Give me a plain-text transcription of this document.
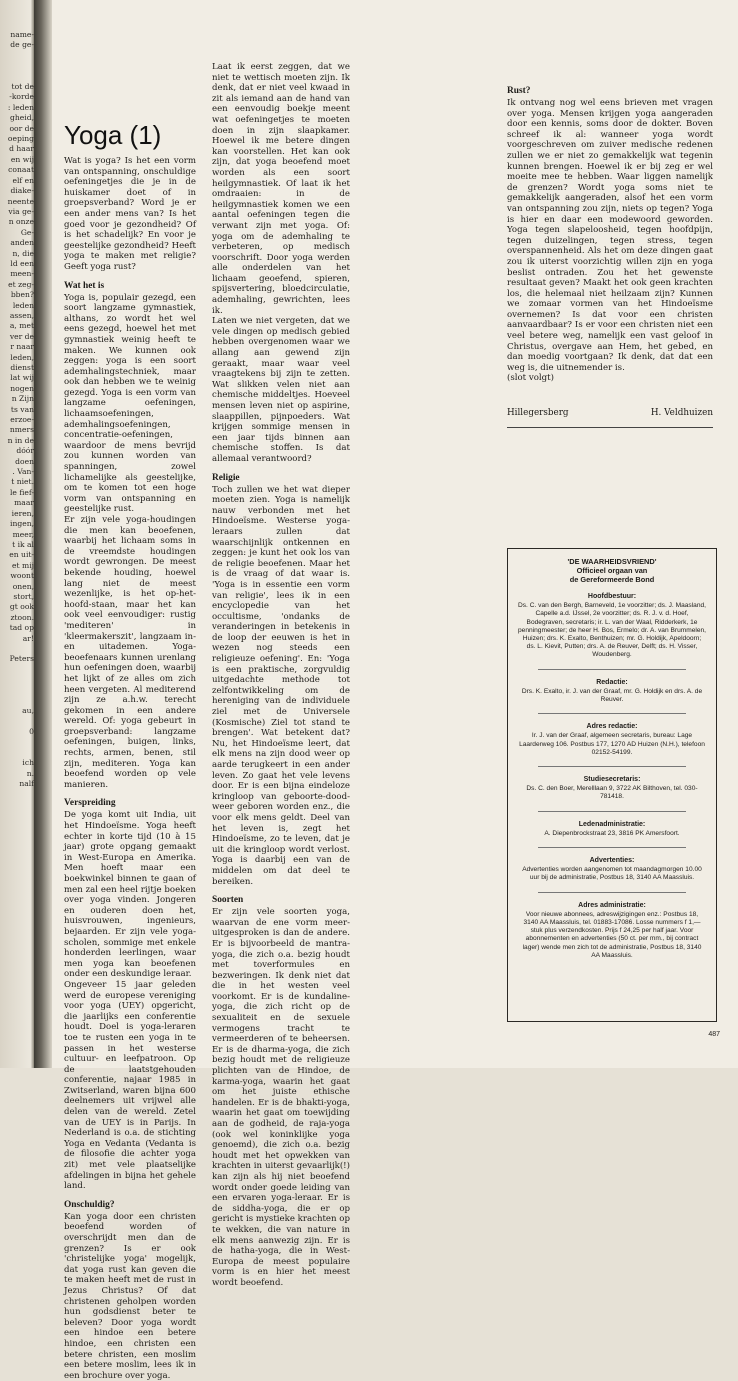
name-
de ge-

tot de
-korde
: leden
gheid,
oor de
oeping
d haar
en wij
conaat
elf en
diake-
neente
via ge-
n onze
Ge-
anden
n, die
ld een
meen-
et zeg-
bben?
leden
assen,
a, met
ver de
r naar
leden,
dienst
lat wij
nogen
n Zijn
ts van
erzoe-
nmers
n in de
dóór
doen
. Van-
t niet.
le fief-
maar
ieren,
ingen,
meer,
t ik al
en uit-
et mij
woont
onen,
stort,
gt ook
ztoon.
tad op
ar!

Peters

au,

0

ich
n.
nalf
Yoga (1)

Wat is yoga? Is het een vorm van ontspanning, onschuldige oefeningetjes die je in de huiskamer doet of in groepsverband? Word je er een ander mens van? Is het goed voor je gezondheid? Of is het schadelijk? En voor je geestelijke gezondheid? Heeft yoga te maken met religie? Geeft yoga rust?

Wat het is

Yoga is, populair gezegd, een soort langzame gymnastiek, althans, zo wordt het wel eens gezegd, hoewel het met gymnastiek weinig heeft te maken. We kunnen ook zeggen: yoga is een soort ademhalingstechniek, maar ook dan hebben we te weinig gezegd. Yoga is een vorm van langzame oefeningen, lichaamsoefeningen, ademhalingsoefeningen, concentratie-oefeningen, waardoor de mens bevrijd zou kunnen worden van spanningen, zowel lichamelijke als geestelijke, om te komen tot een hoge vorm van ontspanning en geestelijke rust.

Er zijn vele yoga-houdingen die men kan beoefenen, waarbij het lichaam soms in de vreemdste houdingen wordt gewrongen. De meest bekende houding, hoewel lang niet de meest wezenlijke, is het op-het-hoofd-staan, maar het kan ook veel eenvoudiger: rustig 'mediteren' in 'kleermakerszit', langzaam in- en uitademen. Yoga-beoefenaars kunnen urenlang hun oefeningen doen, waarbij het lijkt of ze alles om zich heen vergeten. Al mediterend zijn ze a.h.w. terecht gekomen in een andere wereld. Of: yoga gebeurt in groepsverband: langzame oefeningen, buigen, links, rechts, armen, benen, stil zijn, mediteren. Yoga kan beoefend worden op vele manieren.

Verspreiding

De yoga komt uit India, uit het Hindoeïsme. Yoga heeft echter in korte tijd (10 à 15 jaar) grote opgang gemaakt in West-Europa en Amerika. Men hoeft maar een boekwinkel binnen te gaan of men zal een heel rijtje boeken over yoga vinden. Jongeren en ouderen doen het, huisvrouwen, ingenieurs, bejaarden. Er zijn vele yoga-scholen, sommige met enkele honderden leerlingen, waar men yoga kan beoefenen onder een deskundige leraar.

Ongeveer 15 jaar geleden werd de europese vereniging voor yoga (UEY) opgericht, die jaarlijks een conferentie houdt. Doel is yoga-leraren toe te rusten een yoga in te passen in het westerse cultuur- en leefpatroon. Op de laatstgehouden conferentie, najaar 1985 in Zwitserland, waren bijna 600 deelnemers uit vrijwel alle delen van de wereld. Zetel van de UEY is in Parijs. In Nederland is o.a. de stichting Yoga en Vedanta (Vedanta is de filosofie die achter yoga zit) met vele plaatselijke afdelingen in bijna het gehele land.

Onschuldig?

Kan yoga door een christen beoefend worden of overschrijdt men dan de grenzen? Is er ook 'christelijke yoga' mogelijk, dat yoga rust kan geven die te maken heeft met de rust in Jezus Christus? Of dat christenen geholpen worden hun godsdienst beter te beleven? Door yoga wordt een hindoe een betere hindoe, een christen een betere christen, een moslim een betere moslim, lees ik in een brochure over yoga.

Laat ik eerst zeggen, dat we niet te wettisch moeten zijn. Ik denk, dat er niet veel kwaad in zit als iemand aan de hand van een eenvoudig boekje meent wat oefeningetjes te moeten doen in zijn slaapkamer. Hoewel ik me betere dingen kan voorstellen. Het kan ook zijn, dat yoga beoefend moet worden als een soort heilgymnastiek. Of laat ik het omdraaien: in de heilgymnastiek komen we een aantal oefeningen tegen die verwant zijn met yoga. Of: yoga om de ademhaling te verbeteren, op medisch voorschrift. Door yoga werden alle onderdelen van het lichaam geoefend, spieren, spijsvertering, bloedcirculatie, ademhaling, gewrichten, lees ik.

Laten we niet vergeten, dat we vele dingen op medisch gebied hebben overgenomen waar we allang aan gewend zijn geraakt, maar waar veel vraagtekens bij zijn te zetten. Wat slikken velen niet aan chemische middeltjes. Hoeveel mensen leven niet op aspirine, slaappillen, pijnpoeders. Wat krijgen sommige mensen in een jaar tijds binnen aan chemische stoffen. Is dat allemaal verantwoord?

Religie

Toch zullen we het wat dieper moeten zien. Yoga is namelijk nauw verbonden met het Hindoeïsme. Westerse yoga-leraars zullen dat waarschijnlijk ontkennen en zeggen: je kunt het ook los van de religie beoefenen. Maar het is de vraag of dat waar is. 'Yoga is in essentie een vorm van religie', lees ik in een encyclopedie van het occultisme, 'ondanks de veranderingen in betekenis in de loop der eeuwen is het in wezen nog steeds een religieuze oefening'. En: 'Yoga is een praktische, zorgvuldig uitgedachte methode tot zelfontwikkeling om de hereniging van de individuele ziel met de Universele (Kosmische) Ziel tot stand te brengen'. Wat betekent dat? Nu, het Hindoeïsme leert, dat elk mens na zijn dood weer op aarde terugkeert in een ander leven. Zo gaat het vele levens door. Er is een bijna eindeloze kringloop van geboorte-dood-weer geboren worden enz., die voor elk mens geldt. Deel van het leven is, zegt het Hindoeïsme, zo te leven, dat je uit die kringloop wordt verlost. Yoga is daarbij een van de middelen om dat deel te bereiken.

Soorten

Er zijn vele soorten yoga, waarvan de ene vorm meer-uitgesproken is dan de andere. Er is bijvoorbeeld de mantra-yoga, die zich o.a. bezig houdt met toverformules en bezweringen. Ik denk niet dat die in het westen veel voorkomt. Er is de kundaline-yoga, die zich richt op de sexualiteit en de sexuele vermogens tracht te vermeerderen of te beheersen. Er is de dharma-yoga, die zich bezig houdt met de religieuze plichten van de Hindoe, de karma-yoga, waarin het gaat om het juiste ethische handelen. Er is de bhakti-yoga, waarin het gaat om toewijding aan de godheid, de raja-yoga (ook wel koninklijke yoga genoemd), die zich o.a. bezig houdt met het opwekken van krachten in uiterst gevaarlijk(!) kan zijn als hij niet beoefend wordt onder goede leiding van een ervaren yoga-leraar. Er is de siddha-yoga, die er op gericht is mystieke krachten op te wekken, die van nature in elk mens aanwezig zijn. Er is de hatha-yoga, die in West-Europa de meest populaire vorm is en hier het meest wordt beoefend.

Rust?

Ik ontvang nog wel eens brieven met vragen over yoga. Mensen krijgen yoga aangeraden door een kennis, soms door de dokter. Boven schreef ik al: wanneer yoga wordt voorgeschreven om zuiver medische redenen zullen we er niet zo gemakkelijk wat tegenin kunnen brengen. Hoewel ik er bij zeg er wel moeite mee te hebben. Waar liggen namelijk de grenzen? Wordt yoga soms niet te gemakkelijk aangeraden, alsof het een vorm van ontspanning zou zijn, niets op tegen? Yoga is hier en daar een modewoord geworden. Yoga tegen slapeloosheid, tegen hoofdpijn, tegen duizelingen, tegen stress, tegen overspannenheid. Als het om deze dingen gaat zou ik uiterst voorzichtig willen zijn en yoga beslist ontraden. Zou het het gewenste resultaat geven? Maakt het ook geen krachten los, die helemaal niet heilzaam zijn? Kunnen we zomaar vormen van het Hindoeïsme overnemen? Is dat voor een christen aanvaardbaar? Is er voor een christen niet een veel betere weg, namelijk een vast geloof in Christus, overgave aan Hem, het gebed, en dan moedig voortgaan? Ik denk, dat dat een weg is, die uitnemender is.

(slot volgt)

Hillegersberg	H. Veldhuizen
'DE WAARHEIDSVRIEND'
Officieel orgaan van
de Gereformeerde Bond
Hoofdbestuur:
Ds. C. van den Bergh, Barneveld, 1e voorzitter; ds. J. Maasland, Capelle a.d. IJssel, 2e voorzitter; ds. R. J. v. d. Hoef, Bodegraven, secretaris; ir. L. van der Waal, Ridderkerk, 1e penningmeester; de heer H. Bos, Ermelo; dr. A. van Brummelen, Huizen; drs. K. Exalto, Benthuizen; mr. G. Holdijk, Apeldoorn; ds. L. Kievit, Putten; drs. A. de Reuver, Delft; ds. H. Visser, Woudenberg.
Redactie:
Drs. K. Exalto, ir. J. van der Graaf, mr. G. Holdijk en drs. A. de Reuver.
Adres redactie:
Ir. J. van der Graaf, algemeen secretaris, bureau: Lage Laarderweg 106. Postbus 177, 1270 AD Huizen (N.H.), telefoon 02152-54199.
Studiesecretaris:
Ds. C. den Boer, Merelllaan 9, 3722 AK Bilthoven, tel. 030-781418.
Ledenadministratie:
A. Diepenbrockstraat 23, 3816 PK Amersfoort.
Advertenties:
Advertenties worden aangenomen tot maandagmorgen 10.00 uur bij de administratie, Postbus 18, 3140 AA Maassluis.
Adres administratie:
Voor nieuwe abonnees, adreswijzigingen enz.: Postbus 18, 3140 AA Maassluis, tel. 01883-17086. Losse nummers f 1,— stuk plus verzendkosten. Prijs f 24,25 per half jaar. Voor abonnementen en advertenties (50 ct. per mm., bij contract lager) wende men zich tot de administratie, Postbus 18, 3140 AA Maassluis.
487
